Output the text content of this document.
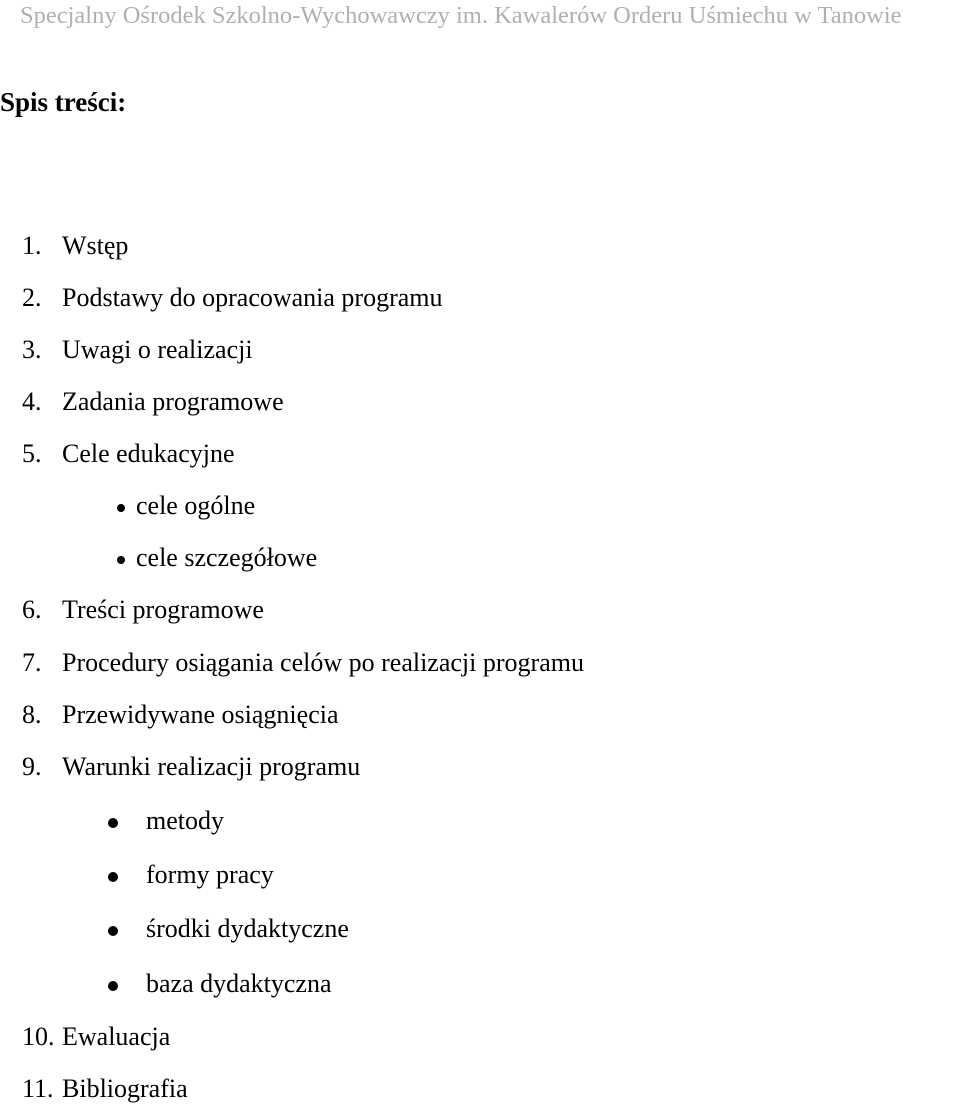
Specjalny Ośrodek Szkolno-Wychowawczy im. Kawalerów Orderu Uśmiechu w Tanowie
Spis treści:
1. Wstęp
2. Podstawy do opracowania programu
3. Uwagi o realizacji
4. Zadania programowe
5. Cele edukacyjne
cele ogólne
cele szczegółowe
6. Treści programowe
7. Procedury osiągania celów po realizacji programu
8. Przewidywane osiągnięcia
9. Warunki realizacji programu
metody
formy pracy
środki dydaktyczne
baza dydaktyczna
10. Ewaluacja
11. Bibliografia
